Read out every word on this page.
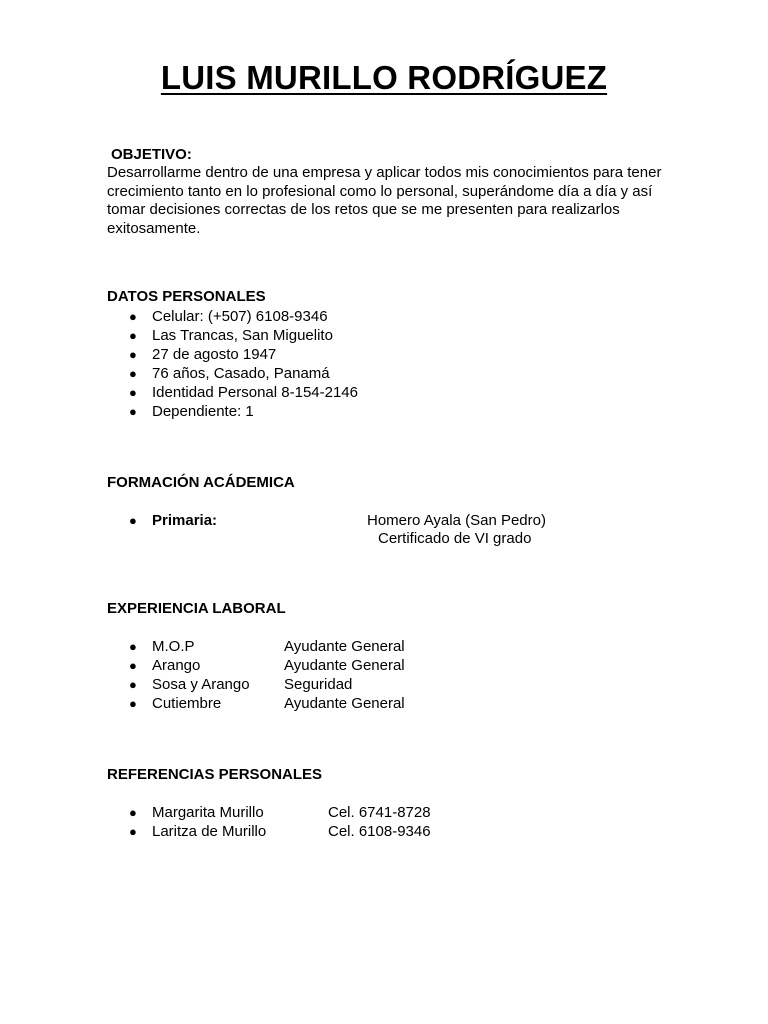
LUIS MURILLO RODRÍGUEZ

OBJETIVO:

Desarrollarme dentro de una empresa y aplicar todos mis conocimientos para tener crecimiento tanto en lo profesional como lo personal, superándome día a día y así tomar decisiones correctas de los retos que se me presenten para realizarlos exitosamente.

DATOS PERSONALES

● Celular: (+507) 6108-9346
● Las Trancas, San Miguelito
● 27 de agosto 1947
● 76 años, Casado, Panamá
● Identidad Personal 8-154-2146
● Dependiente: 1

FORMACIÓN ACÁDEMICA

● Primaria:	Homero Ayala (San Pedro)

Certificado de VI grado

EXPERIENCIA LABORAL

● M.O.P	Ayudante General
● Arango	Ayudante General
● Sosa y Arango Seguridad
● Cutiembre	Ayudante General

REFERENCIAS PERSONALES

● Margarita Murillo	Cel. 6741-8728
● Laritza de Murillo	Cel. 6108-9346
